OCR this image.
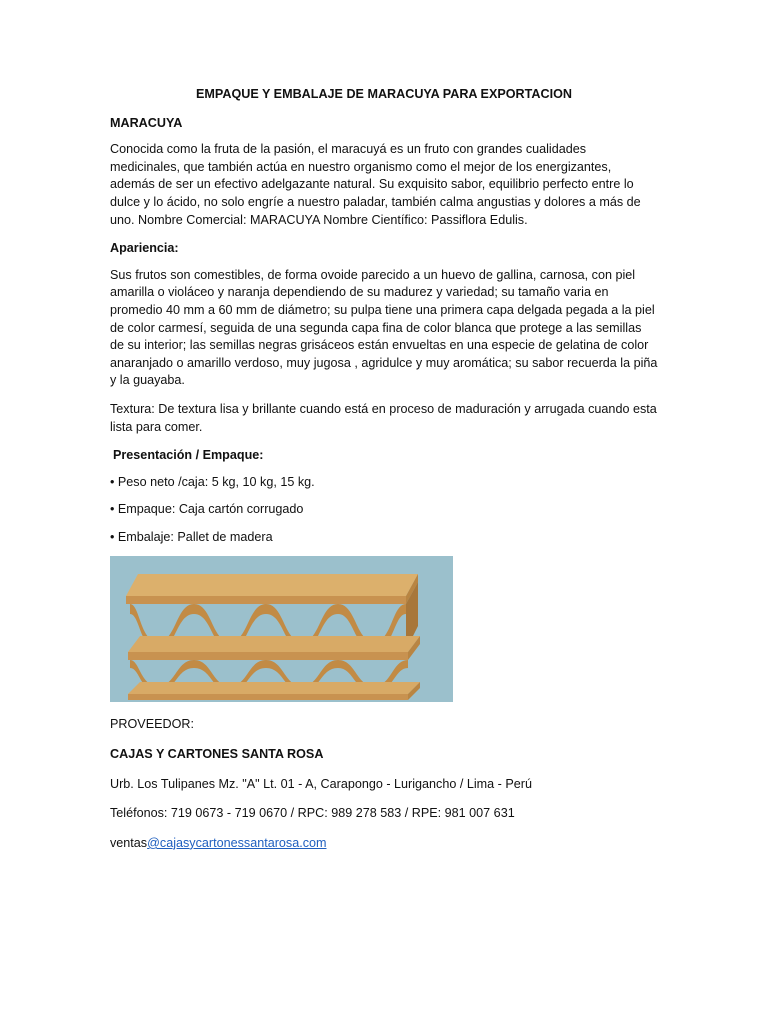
EMPAQUE Y EMBALAJE DE MARACUYA PARA EXPORTACION
MARACUYA

Conocida como la fruta de la pasión, el maracuyá es un fruto con grandes cualidades medicinales, que también actúa en nuestro organismo como el mejor de los energizantes, además de ser un efectivo adelgazante natural. Su exquisito sabor, equilibrio perfecto entre lo dulce y lo ácido, no solo engríe a nuestro paladar, también calma angustias y dolores a más de uno. Nombre Comercial: MARACUYA Nombre Científico: Passiflora Edulis.

Apariencia:

Sus frutos son comestibles, de forma ovoide parecido a un huevo de gallina, carnosa, con piel amarilla o violáceo y naranja dependiendo de su madurez y variedad; su tamaño varia en promedio 40 mm a 60 mm de diámetro; su pulpa tiene una primera capa delgada pegada a la piel de color carmesí, seguida de una segunda capa fina de color blanca que protege a las semillas de su interior; las semillas negras grisáceos están envueltas en una especie de gelatina de color anaranjado o amarillo verdoso, muy jugosa , agridulce y muy aromática; su sabor recuerda la piña y la guayaba.

Textura: De textura lisa y brillante cuando está en proceso de maduración y arrugada cuando esta lista para comer.

Presentación / Empaque:
• Peso neto /caja: 5 kg, 10 kg, 15 kg.
• Empaque: Caja cartón corrugado
• Embalaje: Pallet de madera

PROVEEDOR:

CAJAS Y CARTONES SANTA ROSA

Urb. Los Tulipanes Mz. "A" Lt. 01 - A, Carapongo - Lurigancho / Lima - Perú

Teléfonos: 719 0673 - 719 0670 / RPC: 989 278 583 / RPE: 981 007 631

ventas@cajasycartonessantarosa.com
